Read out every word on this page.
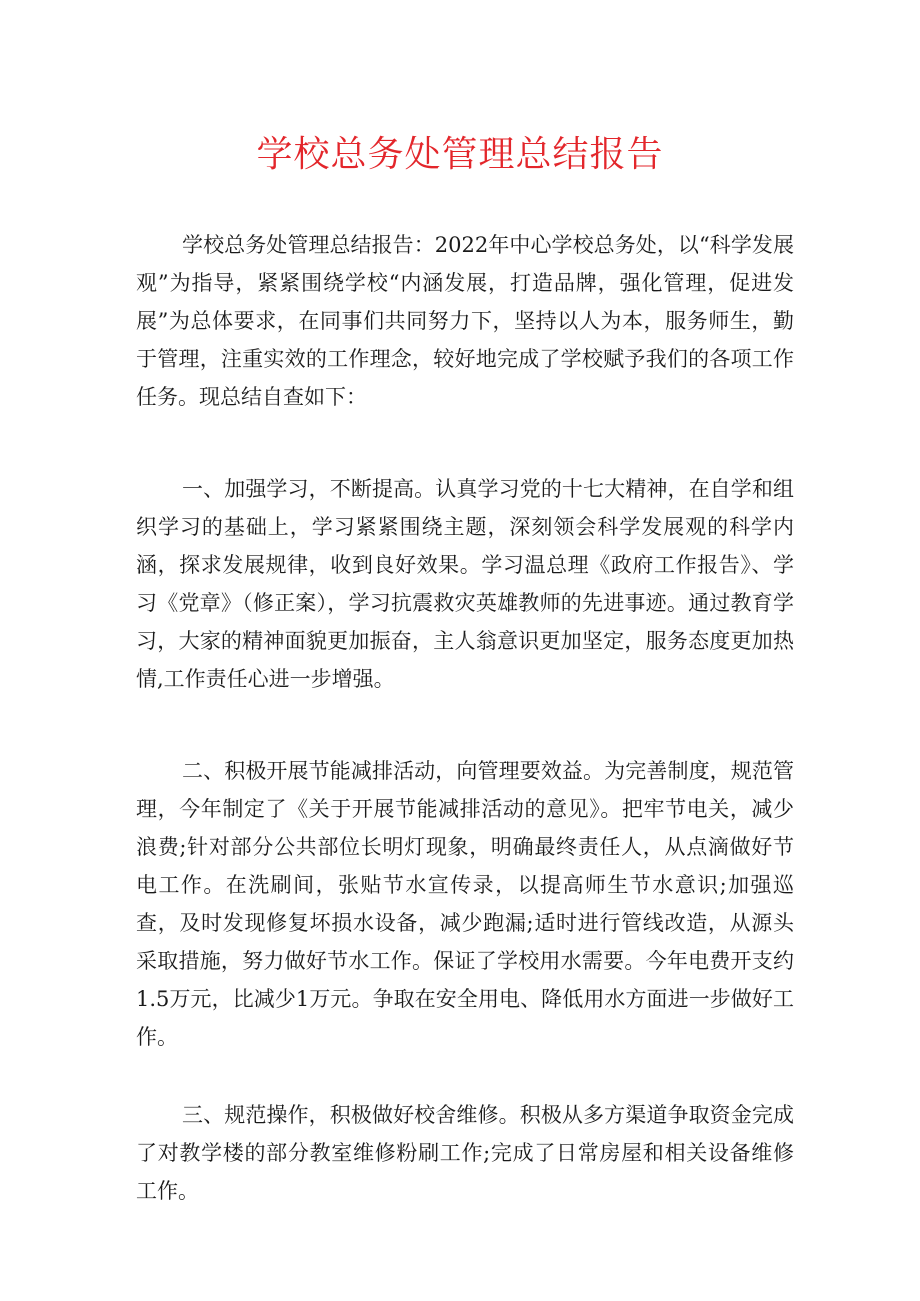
学校总务处管理总结报告

学校总务处管理总结报告：2022年中心学校总务处，以“科学发展观”为指导，紧紧围绕学校“内涵发展，打造品牌，强化管理，促进发展”为总体要求，在同事们共同努力下，坚持以人为本，服务师生，勤于管理，注重实效的工作理念，较好地完成了学校赋予我们的各项工作任务。现总结自查如下：

一、加强学习，不断提高。认真学习党的十七大精神，在自学和组织学习的基础上，学习紧紧围绕主题，深刻领会科学发展观的科学内涵，探求发展规律，收到良好效果。学习温总理《政府工作报告》、学习《党章》（修正案），学习抗震救灾英雄教师的先进事迹。通过教育学习，大家的精神面貌更加振奋，主人翁意识更加坚定，服务态度更加热情,工作责任心进一步增强。

二、积极开展节能减排活动，向管理要效益。为完善制度，规范管理，今年制定了《关于开展节能减排活动的意见》。把牢节电关，减少浪费;针对部分公共部位长明灯现象，明确最终责任人，从点滴做好节电工作。在洗刷间，张贴节水宣传录，以提高师生节水意识;加强巡查，及时发现修复坏损水设备，减少跑漏;适时进行管线改造，从源头采取措施，努力做好节水工作。保证了学校用水需要。今年电费开支约1.5万元，比减少1万元。争取在安全用电、降低用水方面进一步做好工作。

三、规范操作，积极做好校舍维修。积极从多方渠道争取资金完成了对教学楼的部分教室维修粉刷工作;完成了日常房屋和相关设备维修工作。
